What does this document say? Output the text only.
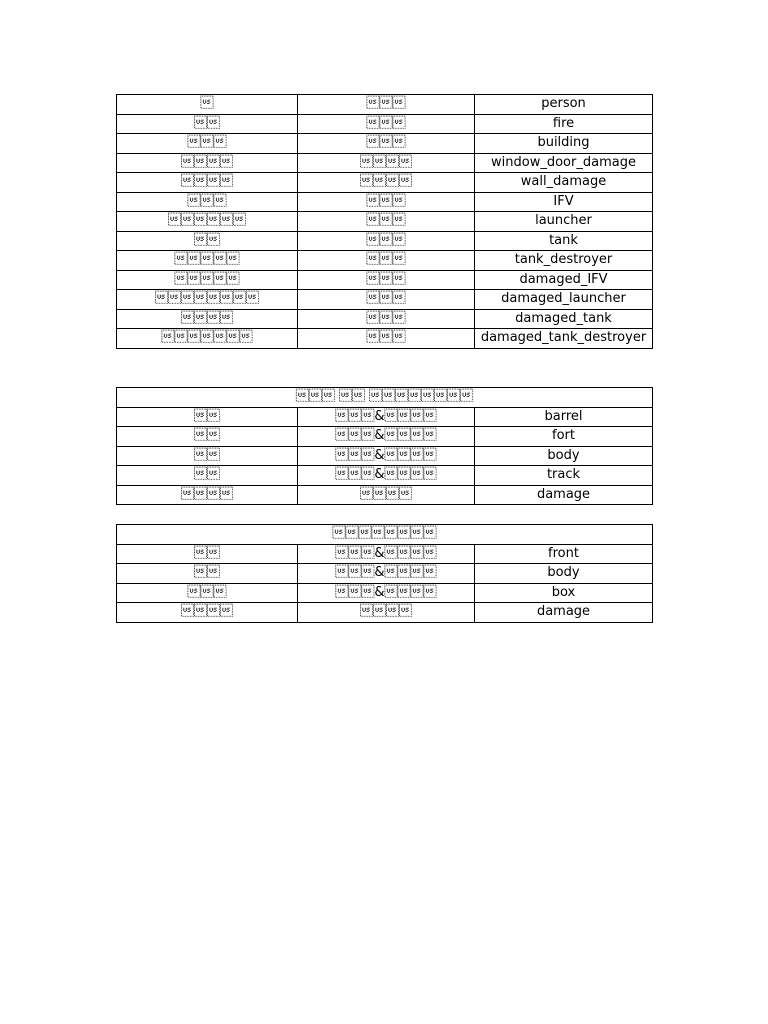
		person
		fire
		building
		window_door_damage
		wall_damage
		IFV
		launcher
		tank
		tank_destroyer
		damaged_IFV
		damaged_launcher
		damaged_tank
		damaged_tank_destroyer

	&	barrel
	&	fort
	&	body
	&	track
		damage

	&	front
	&	body
	&	box
		damage
